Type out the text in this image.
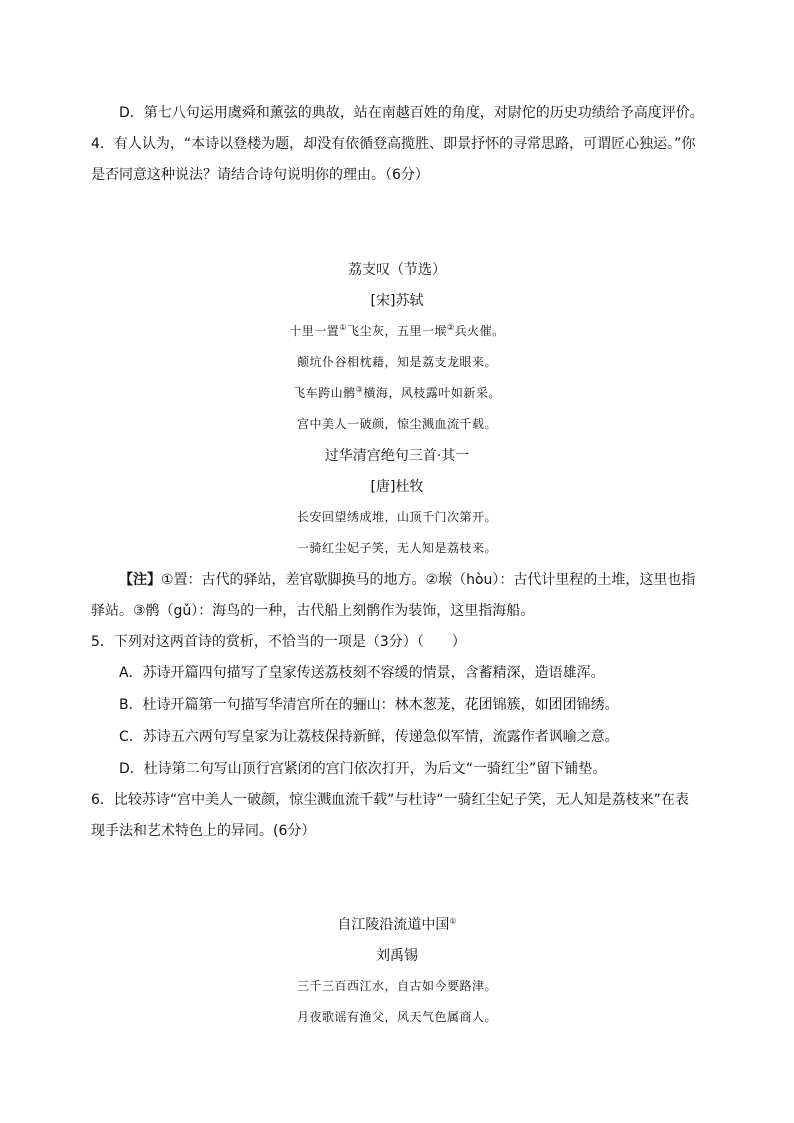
D．第七八句运用虞舜和薰弦的典故，站在南越百姓的角度，对尉佗的历史功绩给予高度评价。
4．有人认为，“本诗以登楼为题，却没有依循登高揽胜、即景抒怀的寻常思路，可谓匠心独运。”你
是否同意这种说法？请结合诗句说明你的理由。（6分）
荔支叹（节选）
[宋]苏轼
十里一置①飞尘灰，五里一堠②兵火催。
颠坑仆谷相枕藉，知是荔支龙眼来。
飞车跨山鹘③横海，风枝露叶如新采。
宫中美人一破颜，惊尘溅血流千载。
过华清宫绝句三首·其一
[唐]杜牧
长安回望绣成堆，山顶千门次第开。
一骑红尘妃子笑，无人知是荔枝来。
【注】①置：古代的驿站，差官歇脚换马的地方。②堠（hòu）：古代计里程的土堆，这里也指
驿站。③鹘（gǔ）：海鸟的一种，古代船上刻鹘作为装饰，这里指海船。
5．下列对这两首诗的赏析，不恰当的一项是（3分）（　　）
A．苏诗开篇四句描写了皇家传送荔枝刻不容缓的情景，含蓄精深，造语雄浑。
B．杜诗开篇第一句描写华清宫所在的骊山：林木葱茏，花团锦簇，如团团锦绣。
C．苏诗五六两句写皇家为让荔枝保持新鲜，传递急似军情，流露作者讽喻之意。
D．杜诗第二句写山顶行宫紧闭的宫门依次打开，为后文“一骑红尘”留下铺垫。
6．比较苏诗“宫中美人一破颜，惊尘溅血流千载”与杜诗“一骑红尘妃子笑，无人知是荔枝来”在表
现手法和艺术特色上的异同。(6分）
自江陵沿流道中国①
刘禹锡
三千三百西江水，自古如今要路津。
月夜歌谣有渔父，风天气色属商人。
